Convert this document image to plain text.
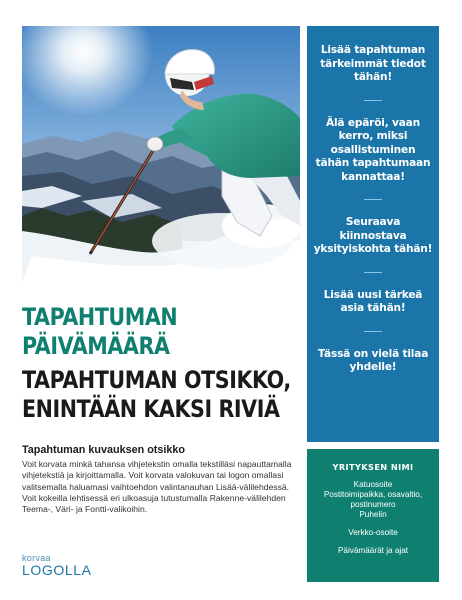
Lisää tapahtuman tärkeimmät tiedot tähän!
Älä epäröi, vaan kerro, miksi osallistuminen tähän tapahtumaan kannattaa!
Seuraava kiinnostava yksityiskohta tähän!
Lisää uusi tärkeä asia tähän!
Tässä on vielä tilaa yhdelle!
TAPAHTUMAN
PÄIVÄMÄÄRÄ
TAPAHTUMAN OTSIKKO,
ENINTÄÄN KAKSI RIVIÄ
Tapahtuman kuvauksen otsikko
Voit korvata minkä tahansa vihjetekstin omalla tekstilläsi napauttamalla vihjetekstiä ja kirjoittamalla. Voit korvata valokuvan tai logon omallasi valitsemalla haluamasi vaihtoehdon valintanauhan Lisää-välilehdessä. Voit kokeilla lehtisessä eri ulkoasuja tutustumalla Rakenne-välilehden Teema-, Väri- ja Fontti-valikoihin.
korvaa
LOGOLLA
YRITYKSEN NIMI
Katuosoite
Postitoimipaikka, osavaltio, postinumero
Puhelin
Verkko-osoite
Päivämäärät ja ajat
